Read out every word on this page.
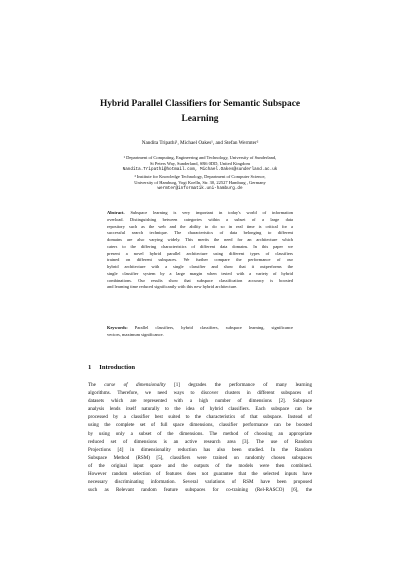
Hybrid Parallel Classifiers for Semantic Subspace
Learning
Nandita Tripathi¹, Michael Oakes¹, and Stefan Wermter²
¹ Department of Computing, Engineering and Technology, University of Sunderland,
St Peters Way, Sunderland, SR6 0DD, United Kingdom
Nandita.Tripathi@hotmail.com, Michael.Oakes@sunderland.ac.uk
² Institute for Knowledge Technology, Department of Computer Science,
University of Hamburg, Vogt Koelln, Str. 30, 22527 Hamburg , Germany
wermter@informatik.uni-hamburg.de
Abstract. Subspace learning is very important in today's world of information
overload. Distinguishing between categories within a subset of a large data
repository such as the web and the ability to do so in real time is critical for a
successful search technique. The characteristics of data belonging to different
domains are also varying widely. This merits the need for an architecture which
caters to the differing characteristics of different data domains. In this paper we
present a novel hybrid parallel architecture using different types of classifiers
trained on different subspaces. We further compare the performance of our
hybrid architecture with a single classifier and show that it outperforms the
single classifier system by a large margin when tested with a variety of hybrid
combinations. Our results show that subspace classification accuracy is boosted
and learning time reduced significantly with this new hybrid architecture.
Keywords: Parallel classifiers, hybrid classifiers, subspace learning, significance
vectors, maximum significance.
1 Introduction
The curse of dimensionality [1] degrades the performance of many learning
algorithms. Therefore, we need ways to discover clusters in different subspaces of
datasets which are represented with a high number of dimensions [2]. Subspace
analysis lends itself naturally to the idea of hybrid classifiers. Each subspace can be
processed by a classifier best suited to the characteristics of that subspace. Instead of
using the complete set of full space dimensions, classifier performance can be boosted
by using only a subset of the dimensions. The method of choosing an appropriate
reduced set of dimensions is an active research area [3]. The use of Random
Projections [4] in dimensionality reduction has also been studied. In the Random
Subspace Method (RSM) [5], classifiers were trained on randomly chosen subspaces
of the original input space and the outputs of the models were then combined.
However random selection of features does not guarantee that the selected inputs have
necessary discriminating information. Several variations of RSM have been proposed
such as Relevant random feature subspaces for co-training (Rel-RASCO) [6], the
